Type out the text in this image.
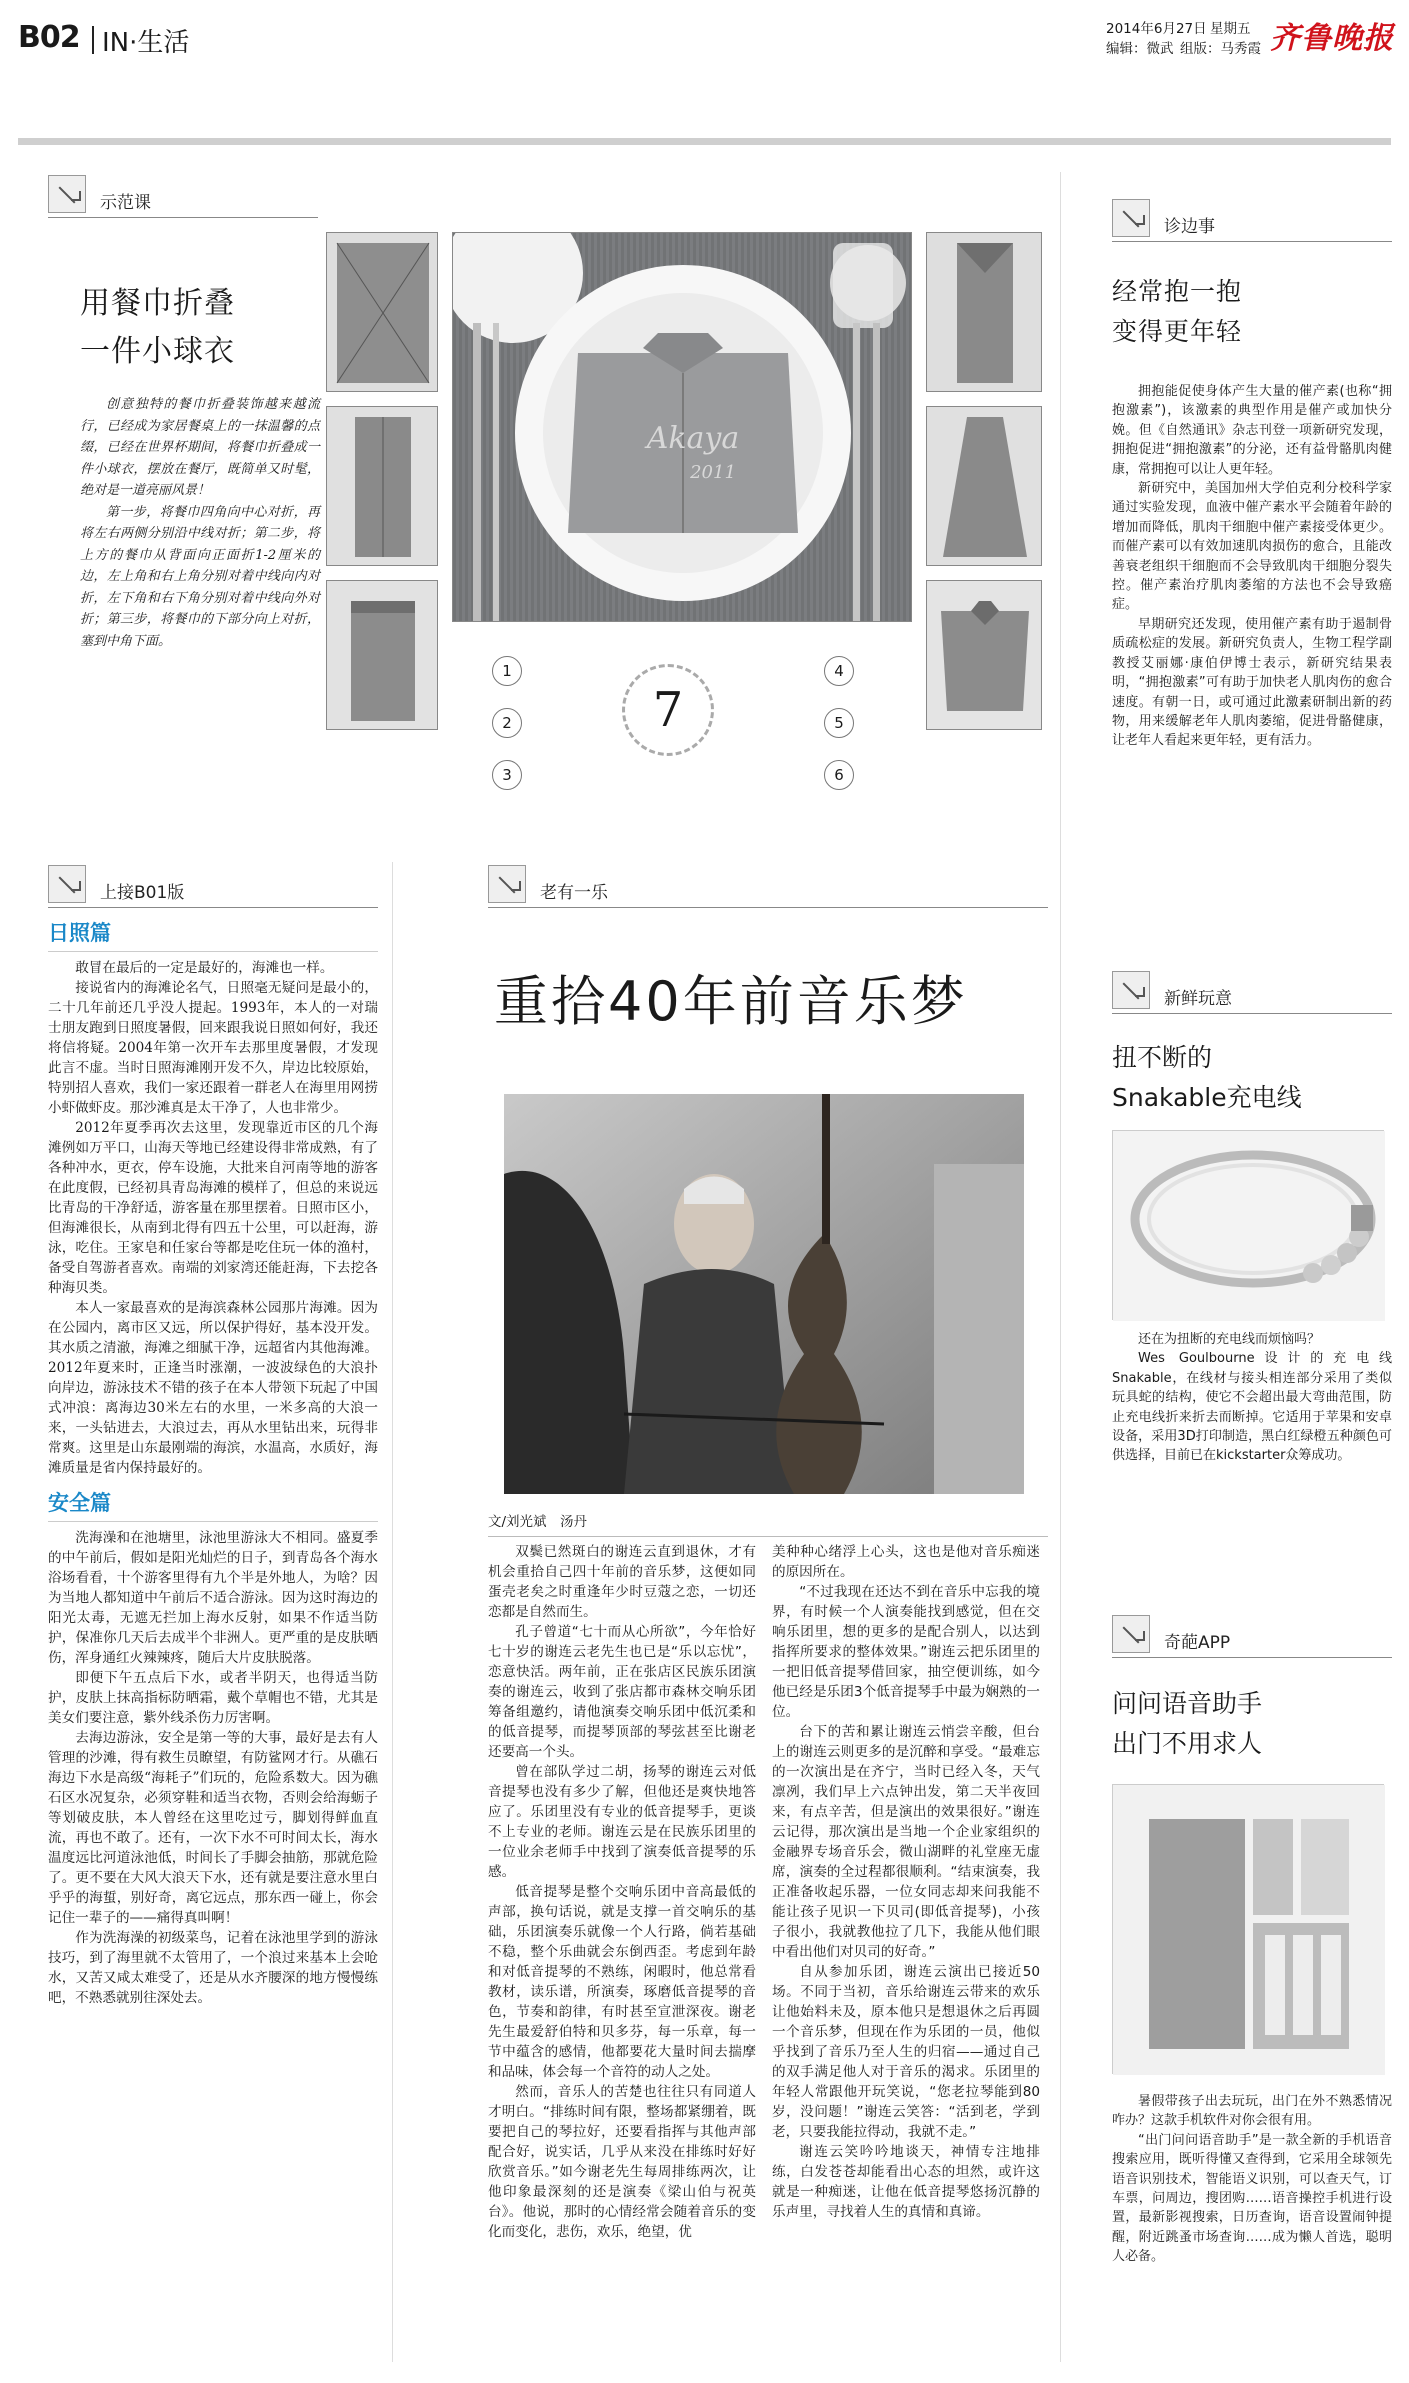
B02 IN·生活	2014年6月27日 星期五
编辑：微武 组版：马秀霞 齐鲁晚报
示范课
用餐巾折叠
一件小球衣

创意独特的餐巾折叠装饰越来越流行，已经成为家居餐桌上的一抹温馨的点缀，已经在世界杯期间，将餐巾折叠成一件小球衣，摆放在餐厅，既简单又时髦，绝对是一道亮丽风景！

第一步，将餐巾四角向中心对折，再将左右两侧分别沿中线对折；第二步，将上方的餐巾从背面向正面折1-2厘米的边，左上角和右上角分别对着中线向内对折，左下角和右下角分别对着中线向外对折；第三步，将餐巾的下部分向上对折，塞到中角下面。

Akaya
2011
1
2
3
4
5
6
7
上接B01版
日照篇

敢冒在最后的一定是最好的，海滩也一样。

接说省内的海滩论名气，日照毫无疑问是最小的，二十几年前还几乎没人提起。1993年，本人的一对瑞士朋友跑到日照度暑假，回来跟我说日照如何好，我还将信将疑。2004年第一次开车去那里度暑假，才发现此言不虚。当时日照海滩刚开发不久，岸边比较原始，特别招人喜欢，我们一家还跟着一群老人在海里用网捞小虾做虾皮。那沙滩真是太干净了，人也非常少。

2012年夏季再次去这里，发现靠近市区的几个海滩例如万平口，山海天等地已经建设得非常成熟，有了各种冲水，更衣，停车设施，大批来自河南等地的游客在此度假，已经初具青岛海滩的模样了，但总的来说远比青岛的干净舒适，游客量在那里摆着。日照市区小，但海滩很长，从南到北得有四五十公里，可以赶海，游泳，吃住。王家皂和任家台等都是吃住玩一体的渔村，备受自驾游者喜欢。南端的刘家湾还能赶海，下去挖各种海贝类。

本人一家最喜欢的是海滨森林公园那片海滩。因为在公园内，离市区又远，所以保护得好，基本没开发。其水质之清澈，海滩之细腻干净，远超省内其他海滩。2012年夏来时，正逢当时涨潮，一波波绿色的大浪扑向岸边，游泳技术不错的孩子在本人带领下玩起了中国式冲浪：离海边30米左右的水里，一米多高的大浪一来，一头钻进去，大浪过去，再从水里钻出来，玩得非常爽。这里是山东最刚端的海滨，水温高，水质好，海滩质量是省内保持最好的。

安全篇

洗海澡和在池塘里，泳池里游泳大不相同。盛夏季的中午前后，假如是阳光灿烂的日子，到青岛各个海水浴场看看，十个游客里得有九个半是外地人，为啥？因为当地人都知道中午前后不适合游泳。因为这时海边的阳光太毒，无遮无拦加上海水反射，如果不作适当防护，保准你几天后去成半个非洲人。更严重的是皮肤晒伤，浑身通红火辣辣疼，随后大片皮肤脱落。

即便下午五点后下水，或者半阴天，也得适当防护，皮肤上抹高指标防晒霜，戴个草帽也不错，尤其是美女们要注意，紫外线杀伤力厉害啊。

去海边游泳，安全是第一等的大事，最好是去有人管理的沙滩，得有救生员瞭望，有防鲨网才行。从礁石海边下水是高级“海耗子”们玩的，危险系数大。因为礁石区水况复杂，必须穿鞋和适当衣物，否则会给海蛎子等划破皮肤，本人曾经在这里吃过亏，脚划得鲜血直流，再也不敢了。还有，一次下水不可时间太长，海水温度远比河道泳池低，时间长了手脚会抽筋，那就危险了。更不要在大风大浪天下水，还有就是要注意水里白乎乎的海蜇，别好奇，离它远点，那东西一碰上，你会记住一辈子的——痛得真叫啊！

作为洗海澡的初级菜鸟，记着在泳池里学到的游泳技巧，到了海里就不太管用了，一个浪过来基本上会呛水，又苦又咸太难受了，还是从水齐腰深的地方慢慢练吧，不熟悉就别往深处去。

老有一乐
重拾40年前音乐梦
文/刘光斌　汤丹

双鬓已然斑白的谢连云直到退休，才有机会重拾自己四十年前的音乐梦，这便如同蛋壳老矣之时重逢年少时豆蔻之恋，一切还恋都是自然而生。

孔子曾道“七十而从心所欲”，今年恰好七十岁的谢连云老先生也已是“乐以忘忧”，恋意快活。两年前，正在张店区民族乐团演奏的谢连云，收到了张店都市森林交响乐团筹备组邀约，请他演奏交响乐团中低沉柔和的低音提琴，而提琴顶部的琴弦甚至比谢老还要高一个头。

曾在部队学过二胡，扬琴的谢连云对低音提琴也没有多少了解，但他还是爽快地答应了。乐团里没有专业的低音提琴手，更谈不上专业的老师。谢连云是在民族乐团里的一位业余老师手中找到了演奏低音提琴的乐感。

低音提琴是整个交响乐团中音高最低的声部，换句话说，就是支撑一首交响乐的基础，乐团演奏乐就像一个人行路，倘若基础不稳，整个乐曲就会东倒西歪。考虑到年龄和对低音提琴的不熟练，闲暇时，他总常看教材，读乐谱，所演奏，琢磨低音提琴的音色，节奏和韵律，有时甚至宣泄深夜。谢老先生最爱舒伯特和贝多芬，每一乐章，每一节中蕴含的感情，他都要花大量时间去揣摩和品味，体会每一个音符的动人之处。

然而，音乐人的苦楚也往往只有同道人才明白。“排练时间有限，整场都紧绷着，既要把自己的琴拉好，还要看指挥与其他声部配合好，说实话，几乎从来没在排练时好好欣赏音乐。”如今谢老先生每周排练两次，让他印象最深刻的还是演奏《梁山伯与祝英台》。他说，那时的心情经常会随着音乐的变化而变化，悲伤，欢乐，绝望，优

美种种心绪浮上心头，这也是他对音乐痴迷的原因所在。

“不过我现在还达不到在音乐中忘我的境界，有时候一个人演奏能找到感觉，但在交响乐团里，想的更多的是配合别人，以达到指挥所要求的整体效果。”谢连云把乐团里的一把旧低音提琴借回家，抽空便训练，如今他已经是乐团3个低音提琴手中最为娴熟的一位。

台下的苦和累让谢连云悄尝辛酸，但台上的谢连云则更多的是沉醉和享受。“最难忘的一次演出是在齐宁，当时已经入冬，天气凛冽，我们早上六点钟出发，第二天半夜回来，有点辛苦，但是演出的效果很好。”谢连云记得，那次演出是当地一个企业家组织的金融界专场音乐会，微山湖畔的礼堂座无虚席，演奏的全过程都很顺利。“结束演奏，我正准备收起乐器，一位女同志却来问我能不能让孩子见识一下贝司(即低音提琴)，小孩子很小，我就教他拉了几下，我能从他们眼中看出他们对贝司的好奇。”

自从参加乐团，谢连云演出已接近50场。不同于当初，音乐给谢连云带来的欢乐让他始料未及，原本他只是想退休之后再圆一个音乐梦，但现在作为乐团的一员，他似乎找到了音乐乃至人生的归宿——通过自己的双手满足他人对于音乐的渴求。乐团里的年轻人常跟他开玩笑说，“您老拉琴能到80岁，没问题！”谢连云笑答：“活到老，学到老，只要我能拉得动，我就不走。”

谢连云笑吟吟地谈天，神情专注地排练，白发苍苍却能看出心态的坦然，或许这就是一种痴迷，让他在低音提琴悠扬沉静的乐声里，寻找着人生的真情和真谛。

诊边事
经常抱一抱
变得更年轻

拥抱能促使身体产生大量的催产素(也称“拥抱激素”)，该激素的典型作用是催产或加快分娩。但《自然通讯》杂志刊登一项新研究发现，拥抱促进“拥抱激素”的分泌，还有益骨骼肌肉健康，常拥抱可以让人更年轻。

新研究中，美国加州大学伯克利分校科学家通过实验发现，血液中催产素水平会随着年龄的增加而降低，肌肉干细胞中催产素接受体更少。而催产素可以有效加速肌肉损伤的愈合，且能改善衰老组织干细胞而不会导致肌肉干细胞分裂失控。催产素治疗肌肉萎缩的方法也不会导致癌症。

早期研究还发现，使用催产素有助于遏制骨质疏松症的发展。新研究负责人，生物工程学副教授艾丽娜·康伯伊博士表示，新研究结果表明，“拥抱激素”可有助于加快老人肌肉伤的愈合速度。有朝一日，或可通过此激素研制出新的药物，用来缓解老年人肌肉萎缩，促进骨骼健康，让老年人看起来更年轻，更有活力。

新鲜玩意
扭不断的
Snakable充电线

还在为扭断的充电线而烦恼吗？

Wes Goulbourne设计的充电线Snakable，在线材与接头相连部分采用了类似玩具蛇的结构，使它不会超出最大弯曲范围，防止充电线折来折去而断掉。它适用于苹果和安卓设备，采用3D打印制造，黑白红绿橙五种颜色可供选择，目前已在kickstarter众筹成功。

奇葩APP
问问语音助手
出门不用求人

暑假带孩子出去玩玩，出门在外不熟悉情况咋办？这款手机软件对你会很有用。

“出门问问语音助手”是一款全新的手机语音搜索应用，既听得懂又查得到，它采用全球领先语音识别技术，智能语义识别，可以查天气，订车票，问周边，搜团购……语音操控手机进行设置，最新影视搜索，日历查询，语音设置闹钟提醒，附近跳蚤市场查询……成为懒人首选，聪明人必备。
